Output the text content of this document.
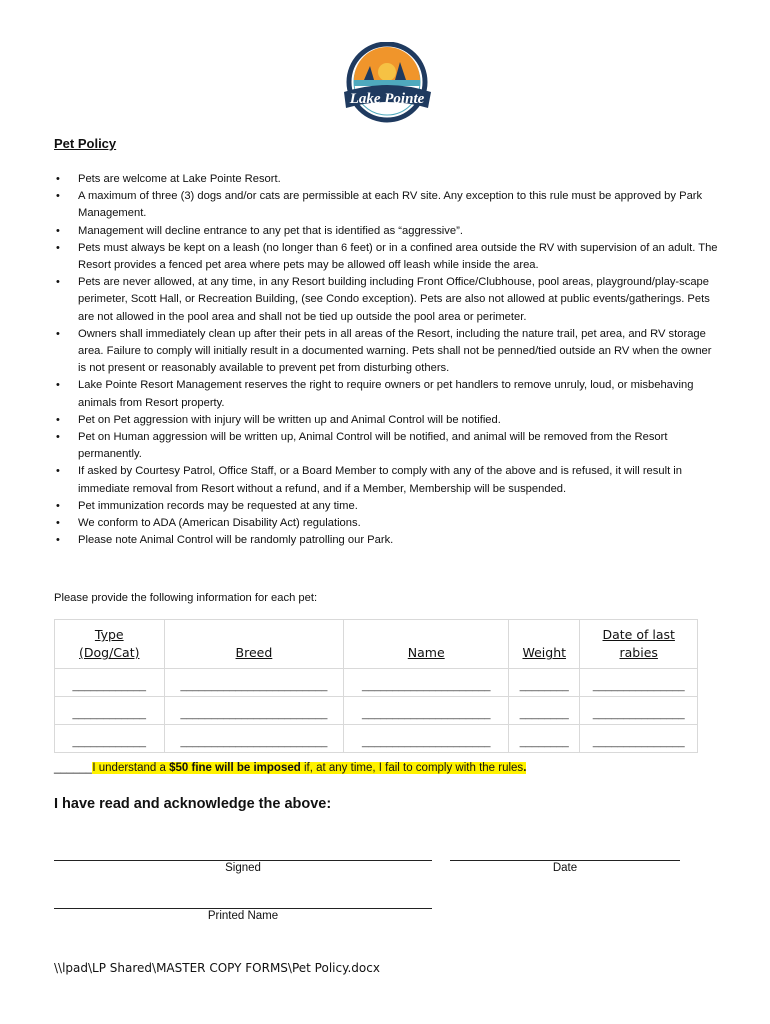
Lake Pointe
Pet Policy
• Pets are welcome at Lake Pointe Resort.
• A maximum of three (3) dogs and/or cats are permissible at each RV site. Any exception to this rule must be approved by Park Management.
• Management will decline entrance to any pet that is identified as “aggressive”.
• Pets must always be kept on a leash (no longer than 6 feet) or in a confined area outside the RV with supervision of an adult. The Resort provides a fenced pet area where pets may be allowed off leash while inside the area.
• Pets are never allowed, at any time, in any Resort building including Front Office/Clubhouse, pool areas, playground/play-scape perimeter, Scott Hall, or Recreation Building, (see Condo exception). Pets are also not allowed at public events/gatherings. Pets are not allowed in the pool area and shall not be tied up outside the pool area or perimeter.
• Owners shall immediately clean up after their pets in all areas of the Resort, including the nature trail, pet area, and RV storage area. Failure to comply will initially result in a documented warning. Pets shall not be penned/tied outside an RV when the owner is not present or reasonably available to prevent pet from disturbing others.
• Lake Pointe Resort Management reserves the right to require owners or pet handlers to remove unruly, loud, or misbehaving animals from Resort property.
• Pet on Pet aggression with injury will be written up and Animal Control will be notified.
• Pet on Human aggression will be written up, Animal Control will be notified, and animal will be removed from the Resort permanently.
• If asked by Courtesy Patrol, Office Staff, or a Board Member to comply with any of the above and is refused, it will result in immediate removal from Resort without a refund, and if a Member, Membership will be suspended.
• Pet immunization records may be requested at any time.
• We conform to ADA (American Disability Act) regulations.
• Please note Animal Control will be randomly patrolling our Park.

Please provide the following information for each pet:

Type
(Dog/Cat)	Breed	Name	Weight	Date of last
rabies
____________	________________________	_____________________	________	_______________
____________	________________________	_____________________	________	_______________
____________	________________________	_____________________	________	_______________

______I understand a $50 fine will be imposed if, at any time, I fail to comply with the rules.

I have read and acknowledge the above:
Signed	Date
Printed Name
\\lpad\LP Shared\MASTER COPY FORMS\Pet Policy.docx
